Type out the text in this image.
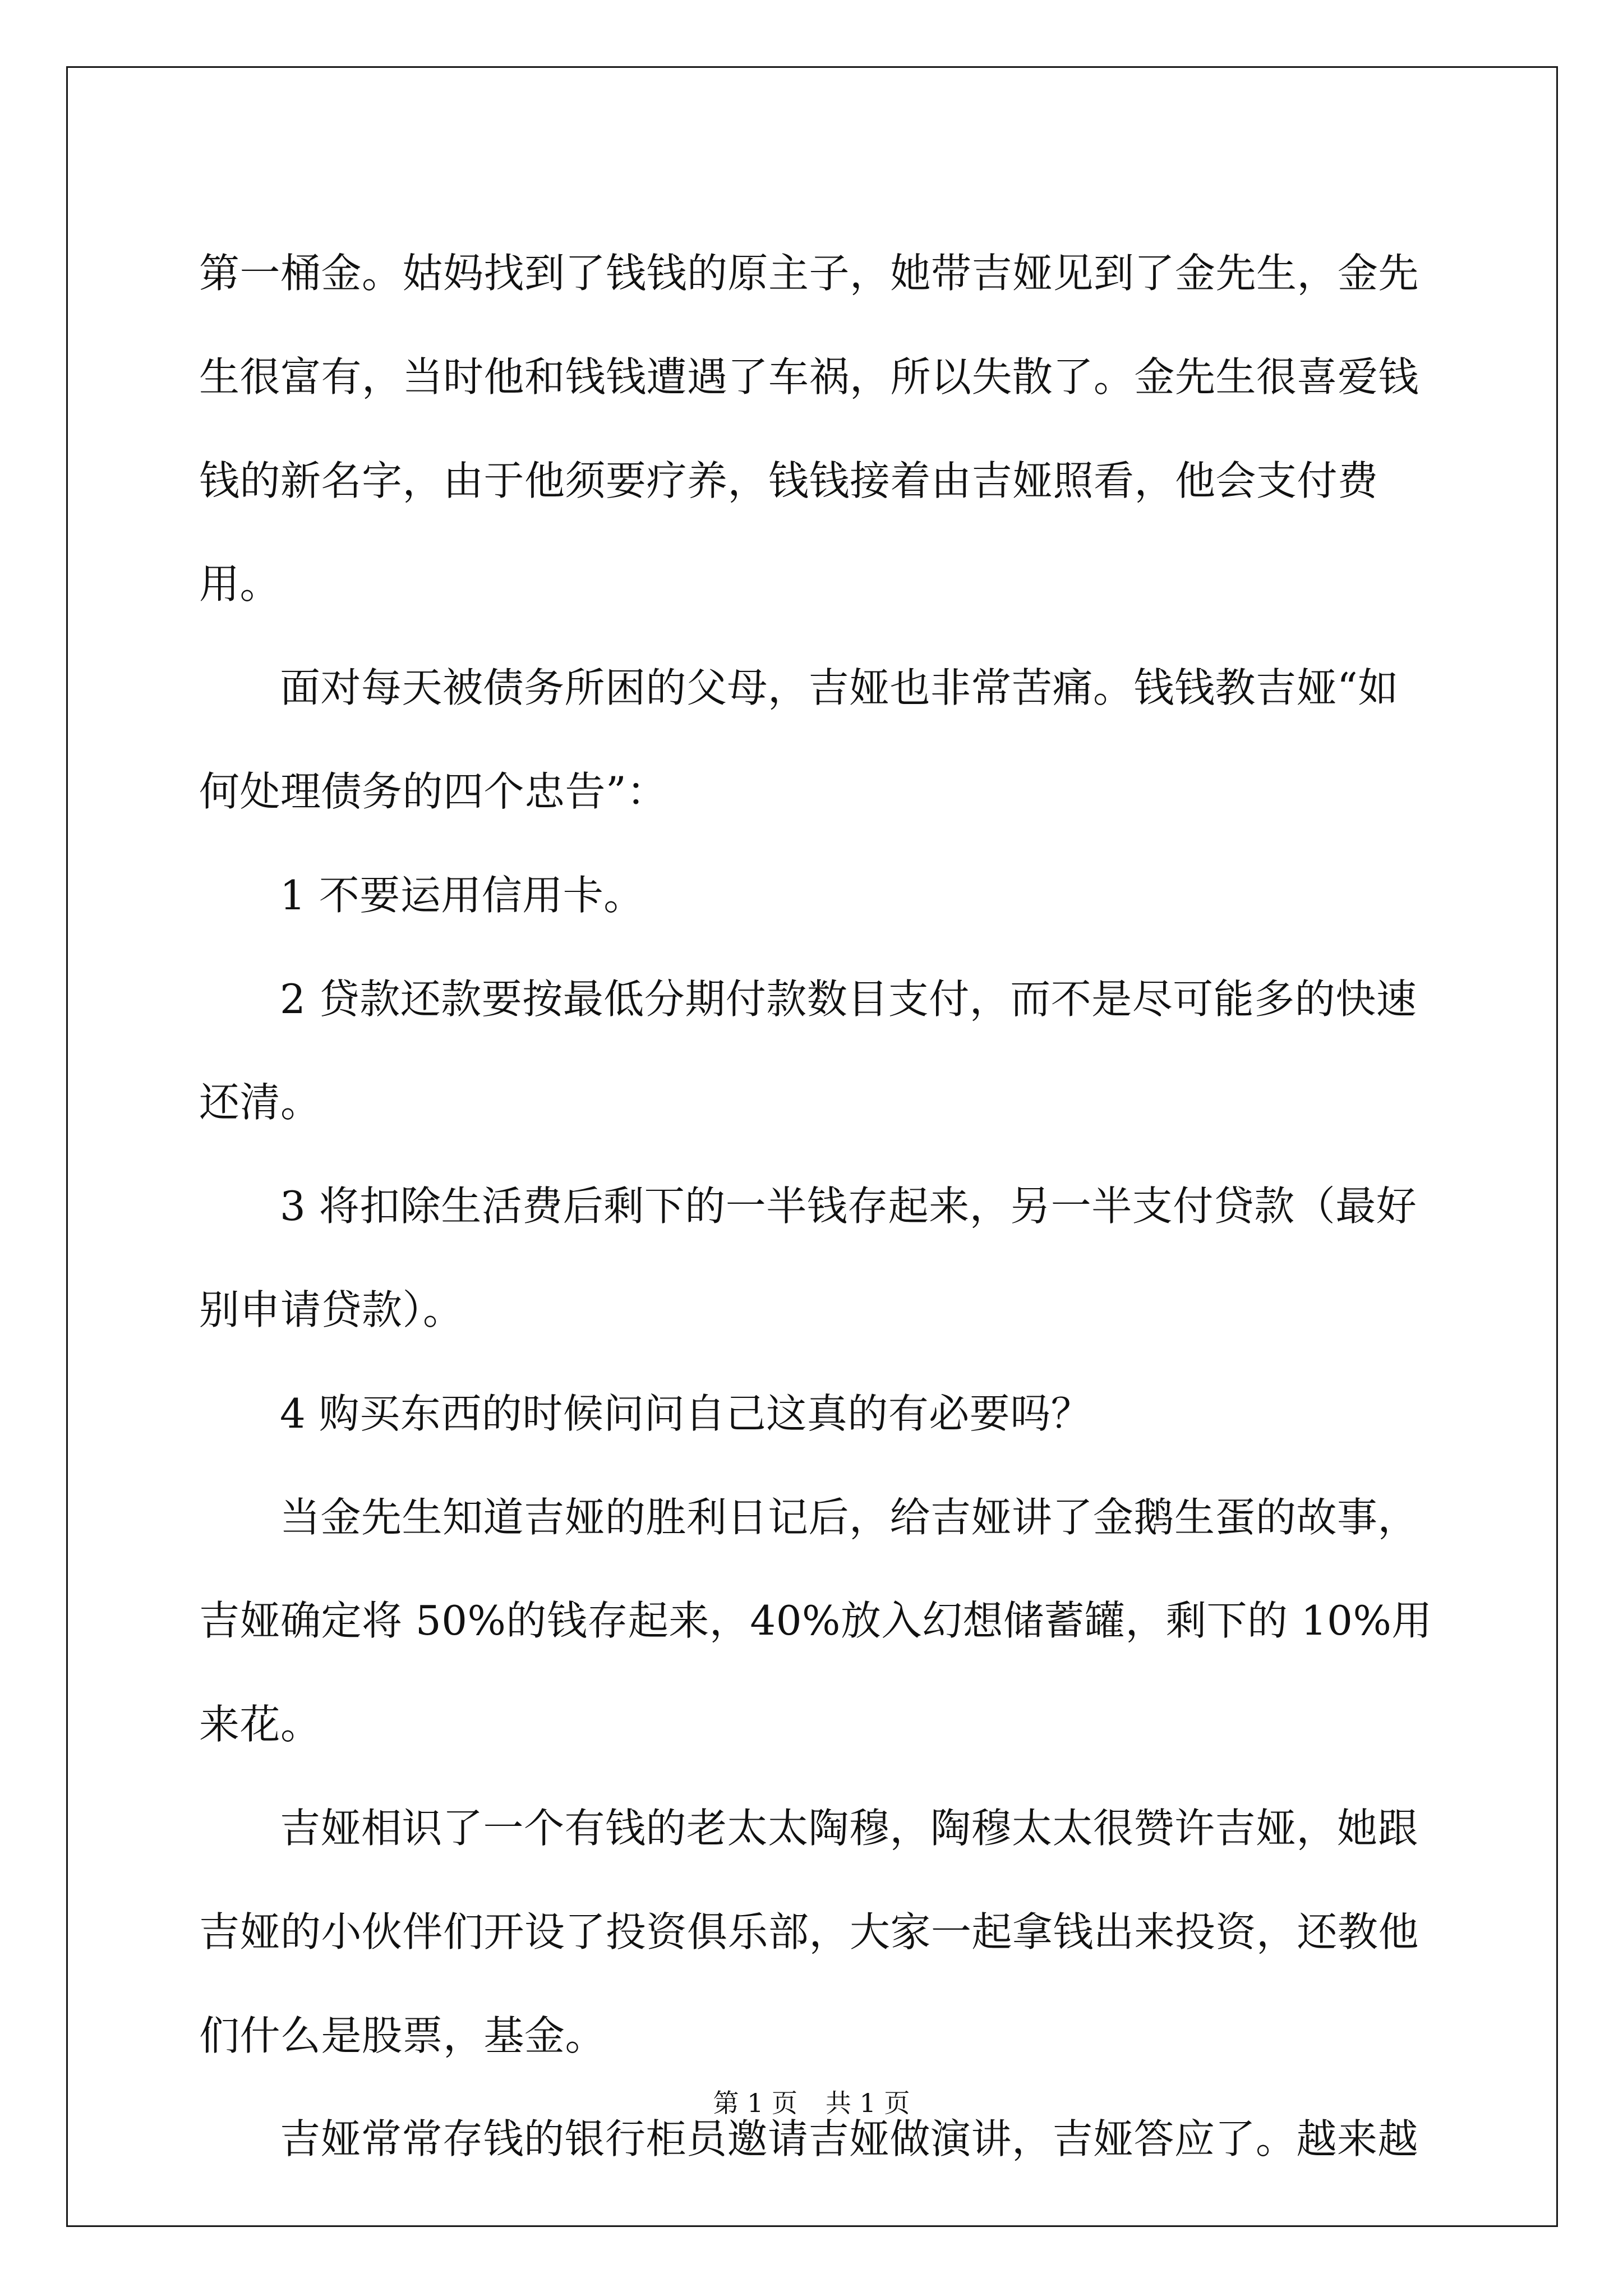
第一桶金。姑妈找到了钱钱的原主子，她带吉娅见到了金先生，金先生很富有，当时他和钱钱遭遇了车祸，所以失散了。金先生很喜爱钱钱的新名字，由于他须要疗养，钱钱接着由吉娅照看，他会支付费用。

面对每天被债务所困的父母，吉娅也非常苦痛。钱钱教吉娅“如何处理债务的四个忠告”：

1 不要运用信用卡。

2 贷款还款要按最低分期付款数目支付，而不是尽可能多的快速还清。

3 将扣除生活费后剩下的一半钱存起来，另一半支付贷款（最好别申请贷款）。

4 购买东西的时候问问自己这真的有必要吗？

当金先生知道吉娅的胜利日记后，给吉娅讲了金鹅生蛋的故事，吉娅确定将 50%的钱存起来，40%放入幻想储蓄罐，剩下的 10%用来花。

吉娅相识了一个有钱的老太太陶穆，陶穆太太很赞许吉娅，她跟吉娅的小伙伴们开设了投资俱乐部，大家一起拿钱出来投资，还教他们什么是股票，基金。

吉娅常常存钱的银行柜员邀请吉娅做演讲，吉娅答应了。越来越

第 1 页 共 1 页
